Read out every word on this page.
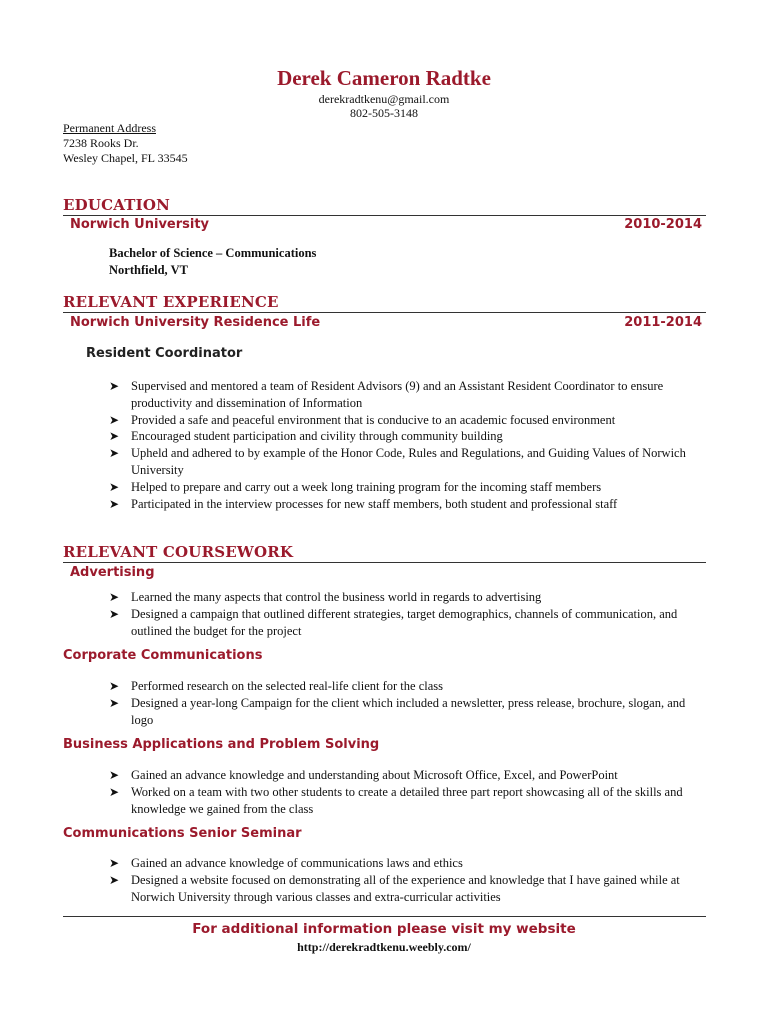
Derek Cameron Radtke
derekradtkenu@gmail.com
802-505-3148
Permanent Address
7238 Rooks Dr.
Wesley Chapel, FL 33545
EDUCATION
Norwich University	2010-2014
Bachelor of Science – Communications
Northfield, VT
RELEVANT EXPERIENCE
Norwich University Residence Life	2011-2014
Resident Coordinator
➤ Supervised and mentored a team of Resident Advisors (9) and an Assistant Resident Coordinator to ensure productivity and dissemination of Information
➤ Provided a safe and peaceful environment that is conducive to an academic focused environment
➤ Encouraged student participation and civility through community building
➤ Upheld and adhered to by example of the Honor Code, Rules and Regulations, and Guiding Values of Norwich University
➤ Helped to prepare and carry out a week long training program for the incoming staff members
➤ Participated in the interview processes for new staff members, both student and professional staff
RELEVANT COURSEWORK
Advertising
➤ Learned the many aspects that control the business world in regards to advertising
➤ Designed a campaign that outlined different strategies, target demographics, channels of communication, and outlined the budget for the project
Corporate Communications
➤ Performed research on the selected real-life client for the class
➤ Designed a year-long Campaign for the client which included a newsletter, press release, brochure, slogan, and logo
Business Applications and Problem Solving
➤ Gained an advance knowledge and understanding about Microsoft Office, Excel, and PowerPoint
➤ Worked on a team with two other students to create a detailed three part report showcasing all of the skills and knowledge we gained from the class
Communications Senior Seminar
➤ Gained an advance knowledge of communications laws and ethics
➤ Designed a website focused on demonstrating all of the experience and knowledge that I have gained while at Norwich University through various classes and extra-curricular activities
For additional information please visit my website
http://derekradtkenu.weebly.com/
